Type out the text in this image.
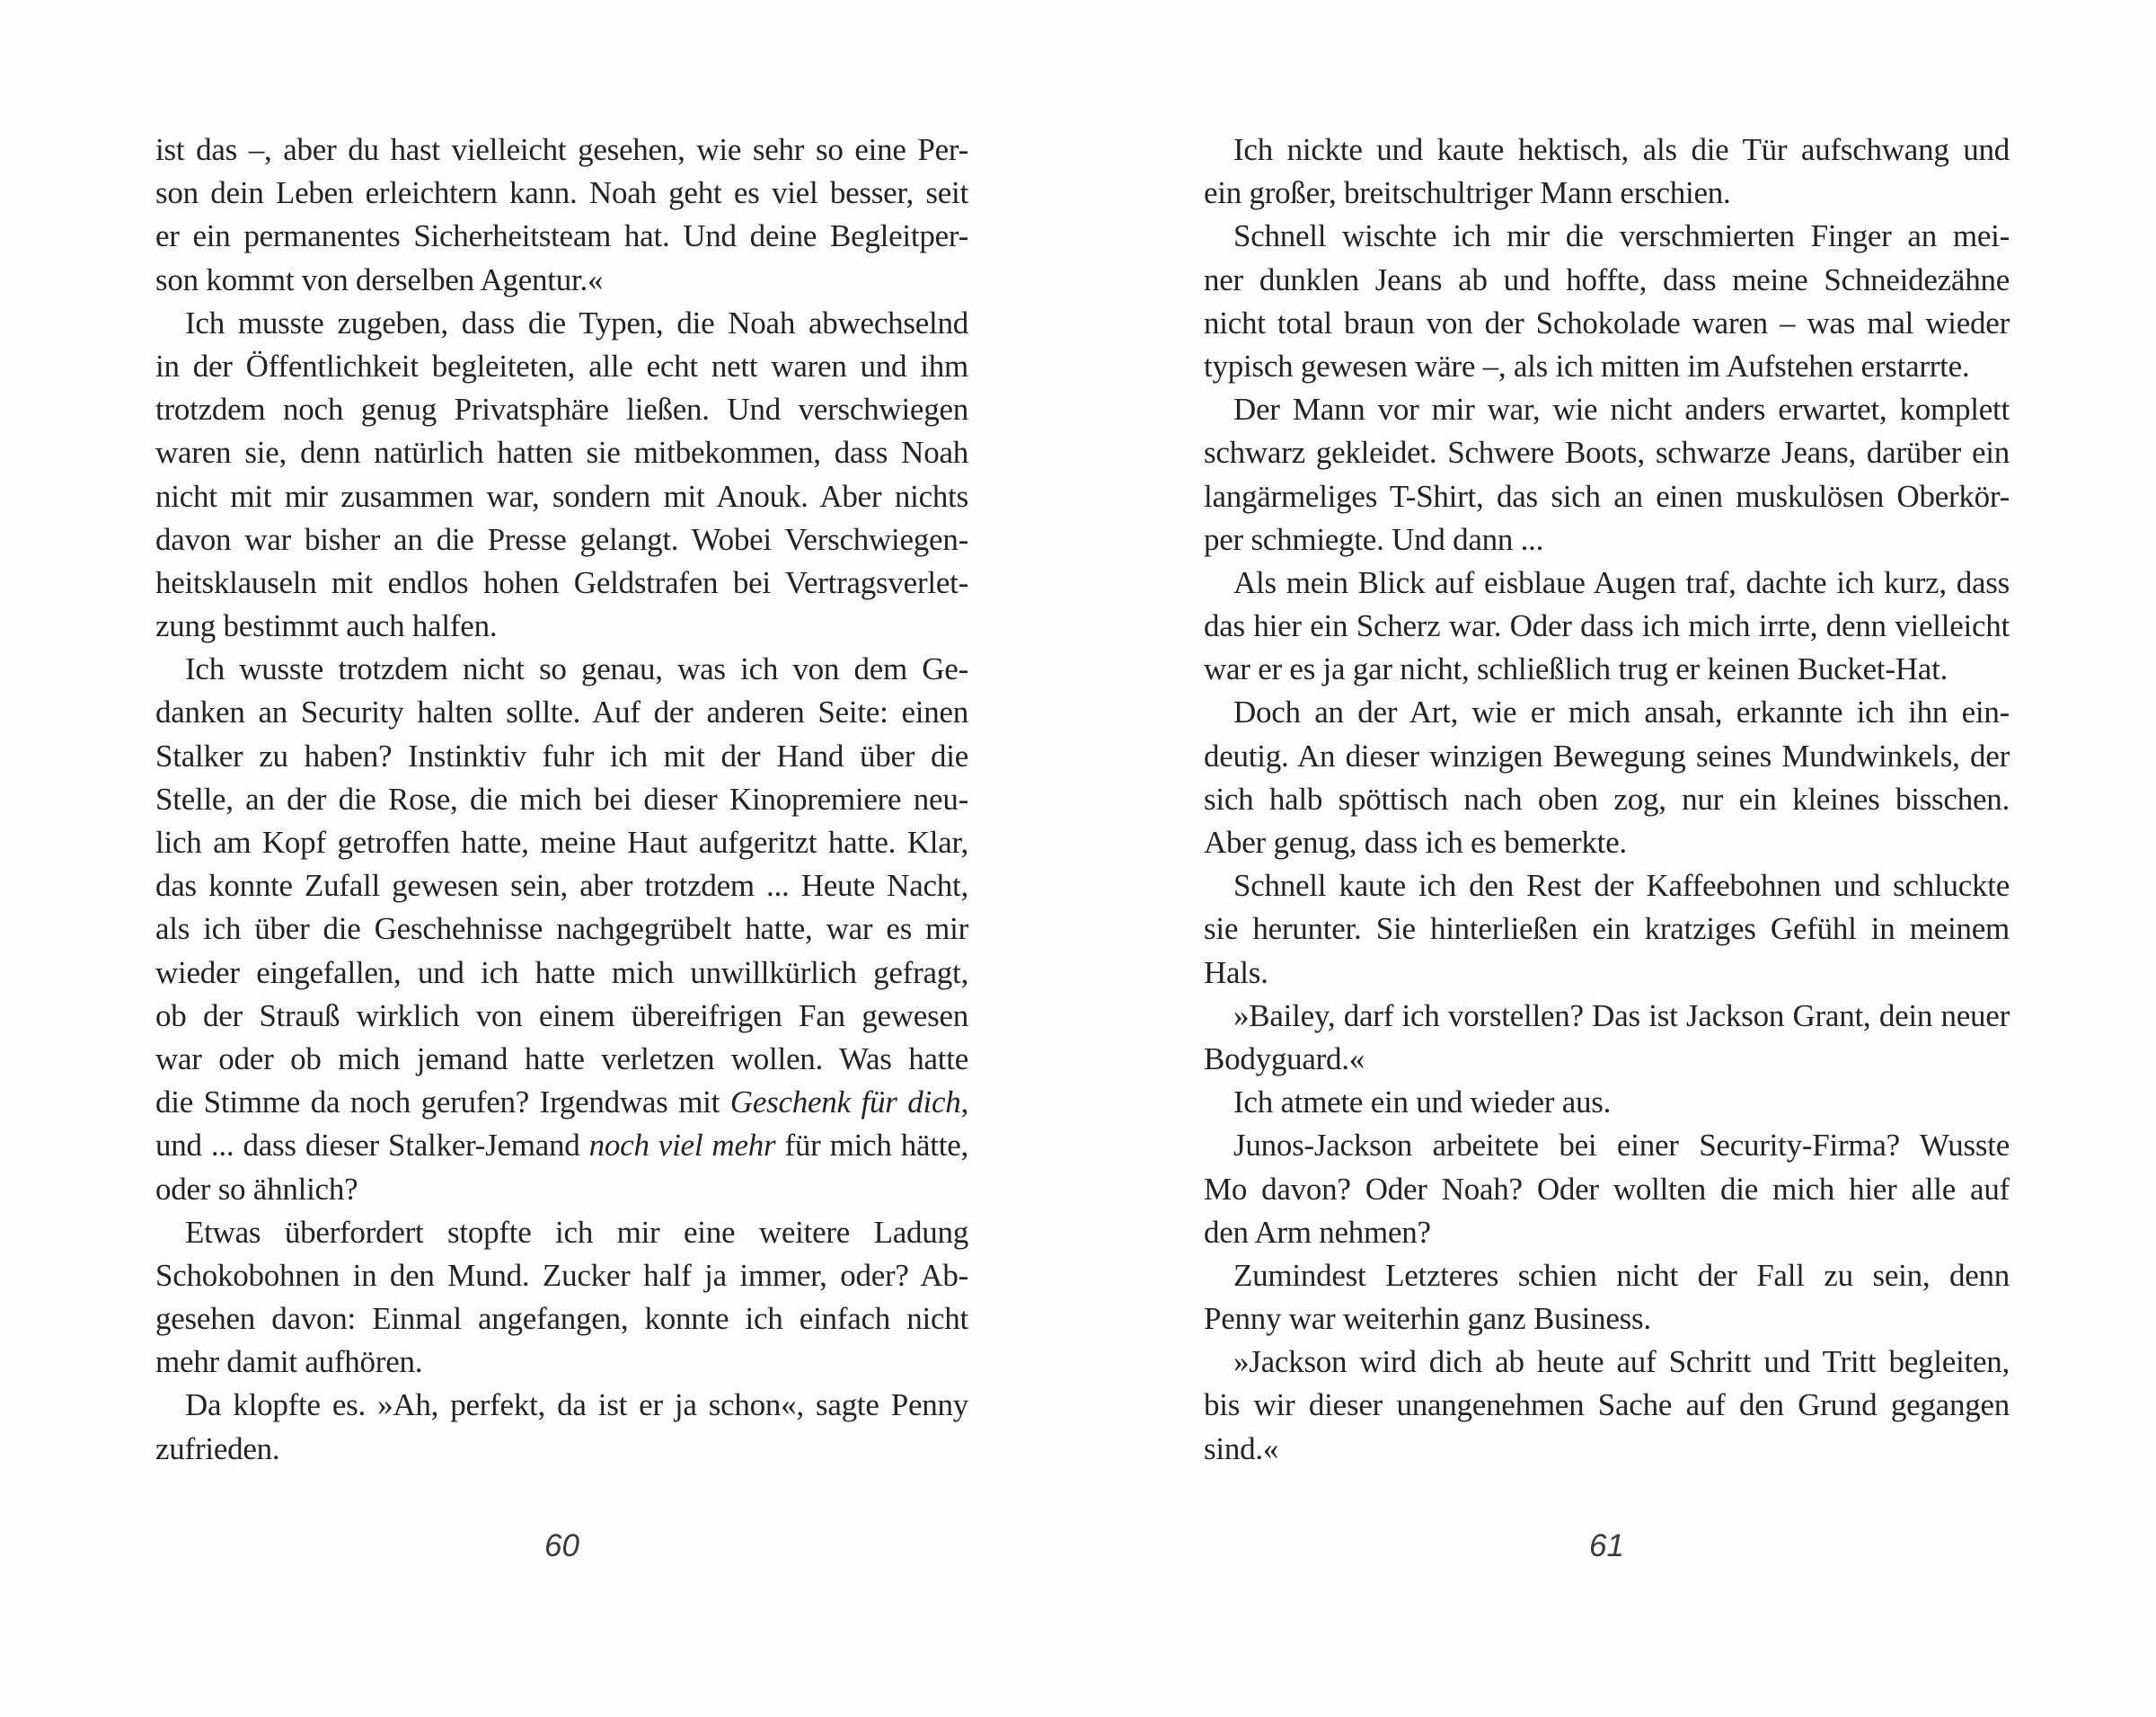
ist das –, aber du hast vielleicht gesehen, wie sehr so eine Per-
son dein Leben erleichtern kann. Noah geht es viel besser, seit
er ein permanentes Sicherheitsteam hat. Und deine Begleitper-
son kommt von derselben Agentur.«
Ich musste zugeben, dass die Typen, die Noah abwechselnd
in der Öffentlichkeit begleiteten, alle echt nett waren und ihm
trotzdem noch genug Privatsphäre ließen. Und verschwiegen
waren sie, denn natürlich hatten sie mitbekommen, dass Noah
nicht mit mir zusammen war, sondern mit Anouk. Aber nichts
davon war bisher an die Presse gelangt. Wobei Verschwiegen-
heitsklauseln mit endlos hohen Geldstrafen bei Vertragsverlet-
zung bestimmt auch halfen.
Ich wusste trotzdem nicht so genau, was ich von dem Ge-
danken an Security halten sollte. Auf der anderen Seite: einen
Stalker zu haben? Instinktiv fuhr ich mit der Hand über die
Stelle, an der die Rose, die mich bei dieser Kinopremiere neu-
lich am Kopf getroffen hatte, meine Haut aufgeritzt hatte. Klar,
das konnte Zufall gewesen sein, aber trotzdem ... Heute Nacht,
als ich über die Geschehnisse nachgegrübelt hatte, war es mir
wieder eingefallen, und ich hatte mich unwillkürlich gefragt,
ob der Strauß wirklich von einem übereifrigen Fan gewesen
war oder ob mich jemand hatte verletzen wollen. Was hatte
die Stimme da noch gerufen? Irgendwas mit Geschenk für dich,
und ... dass dieser Stalker-Jemand noch viel mehr für mich hätte,
oder so ähnlich?
Etwas überfordert stopfte ich mir eine weitere Ladung
Schokobohnen in den Mund. Zucker half ja immer, oder? Ab-
gesehen davon: Einmal angefangen, konnte ich einfach nicht
mehr damit aufhören.
Da klopfte es. »Ah, perfekt, da ist er ja schon«, sagte Penny
zufrieden.
60
Ich nickte und kaute hektisch, als die Tür aufschwang und
ein großer, breitschultriger Mann erschien.
Schnell wischte ich mir die verschmierten Finger an mei-
ner dunklen Jeans ab und hoffte, dass meine Schneidezähne
nicht total braun von der Schokolade waren – was mal wieder
typisch gewesen wäre –, als ich mitten im Aufstehen erstarrte.
Der Mann vor mir war, wie nicht anders erwartet, komplett
schwarz gekleidet. Schwere Boots, schwarze Jeans, darüber ein
langärmeliges T-Shirt, das sich an einen muskulösen Oberkör-
per schmiegte. Und dann ...
Als mein Blick auf eisblaue Augen traf, dachte ich kurz, dass
das hier ein Scherz war. Oder dass ich mich irrte, denn vielleicht
war er es ja gar nicht, schließlich trug er keinen Bucket-Hat.
Doch an der Art, wie er mich ansah, erkannte ich ihn ein-
deutig. An dieser winzigen Bewegung seines Mundwinkels, der
sich halb spöttisch nach oben zog, nur ein kleines bisschen.
Aber genug, dass ich es bemerkte.
Schnell kaute ich den Rest der Kaffeebohnen und schluckte
sie herunter. Sie hinterließen ein kratziges Gefühl in meinem
Hals.
»Bailey, darf ich vorstellen? Das ist Jackson Grant, dein neuer
Bodyguard.«
Ich atmete ein und wieder aus.
Junos-Jackson arbeitete bei einer Security-Firma? Wusste
Mo davon? Oder Noah? Oder wollten die mich hier alle auf
den Arm nehmen?
Zumindest Letzteres schien nicht der Fall zu sein, denn
Penny war weiterhin ganz Business.
»Jackson wird dich ab heute auf Schritt und Tritt begleiten,
bis wir dieser unangenehmen Sache auf den Grund gegangen
sind.«
61
